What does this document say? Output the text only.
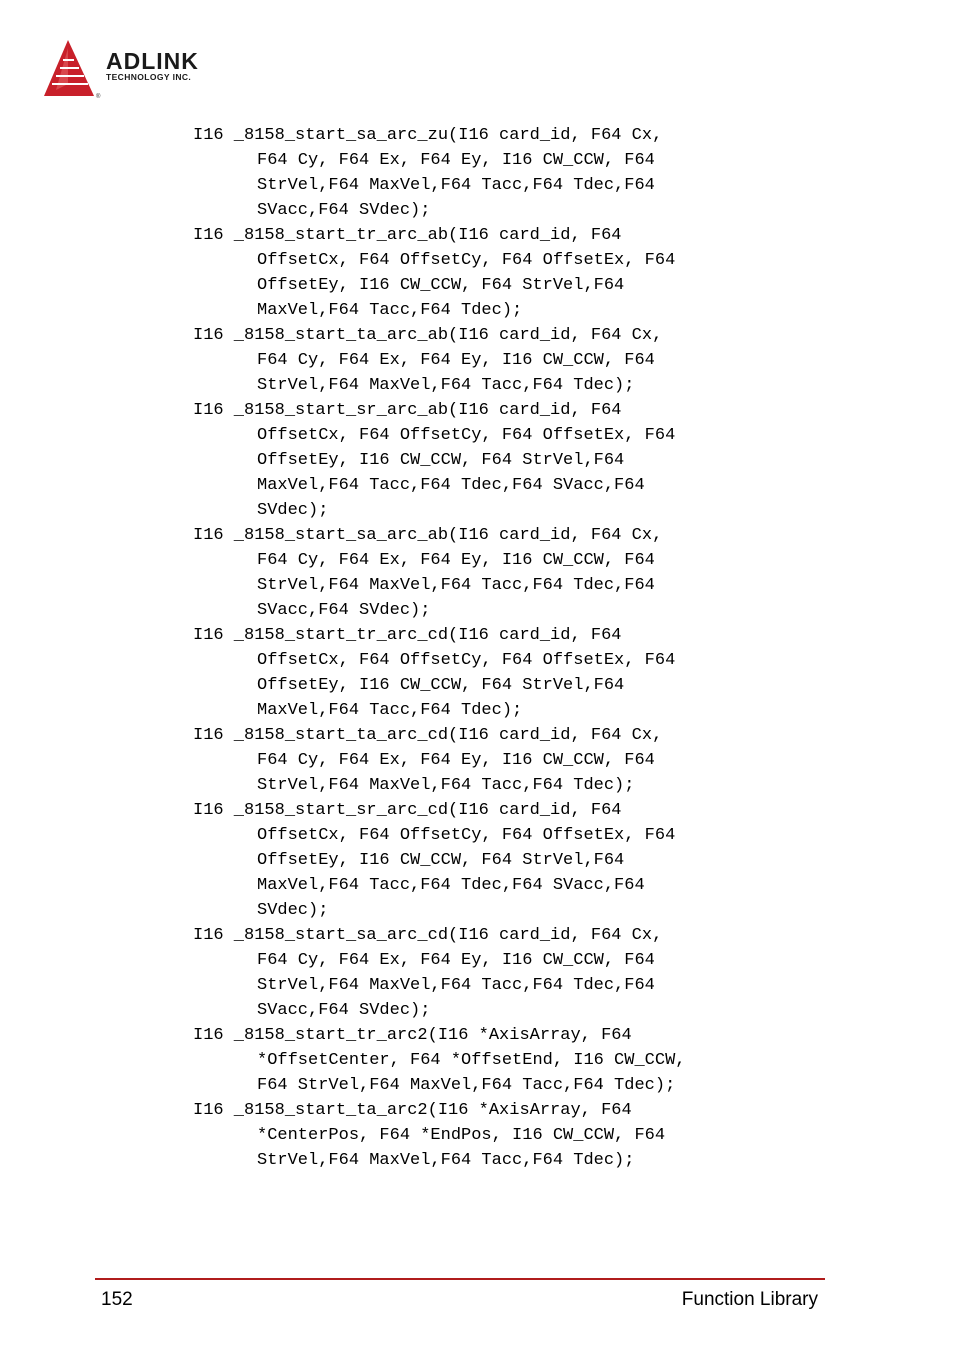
®
ADLINK
TECHNOLOGY INC.
I16 _8158_start_sa_arc_zu(I16 card_id, F64 Cx,
F64 Cy, F64 Ex, F64 Ey, I16 CW_CCW, F64
StrVel,F64 MaxVel,F64 Tacc,F64 Tdec,F64
SVacc,F64 SVdec);
I16 _8158_start_tr_arc_ab(I16 card_id, F64
OffsetCx, F64 OffsetCy, F64 OffsetEx, F64
OffsetEy, I16 CW_CCW, F64 StrVel,F64
MaxVel,F64 Tacc,F64 Tdec);
I16 _8158_start_ta_arc_ab(I16 card_id, F64 Cx,
F64 Cy, F64 Ex, F64 Ey, I16 CW_CCW, F64
StrVel,F64 MaxVel,F64 Tacc,F64 Tdec);
I16 _8158_start_sr_arc_ab(I16 card_id, F64
OffsetCx, F64 OffsetCy, F64 OffsetEx, F64
OffsetEy, I16 CW_CCW, F64 StrVel,F64
MaxVel,F64 Tacc,F64 Tdec,F64 SVacc,F64
SVdec);
I16 _8158_start_sa_arc_ab(I16 card_id, F64 Cx,
F64 Cy, F64 Ex, F64 Ey, I16 CW_CCW, F64
StrVel,F64 MaxVel,F64 Tacc,F64 Tdec,F64
SVacc,F64 SVdec);
I16 _8158_start_tr_arc_cd(I16 card_id, F64
OffsetCx, F64 OffsetCy, F64 OffsetEx, F64
OffsetEy, I16 CW_CCW, F64 StrVel,F64
MaxVel,F64 Tacc,F64 Tdec);
I16 _8158_start_ta_arc_cd(I16 card_id, F64 Cx,
F64 Cy, F64 Ex, F64 Ey, I16 CW_CCW, F64
StrVel,F64 MaxVel,F64 Tacc,F64 Tdec);
I16 _8158_start_sr_arc_cd(I16 card_id, F64
OffsetCx, F64 OffsetCy, F64 OffsetEx, F64
OffsetEy, I16 CW_CCW, F64 StrVel,F64
MaxVel,F64 Tacc,F64 Tdec,F64 SVacc,F64
SVdec);
I16 _8158_start_sa_arc_cd(I16 card_id, F64 Cx,
F64 Cy, F64 Ex, F64 Ey, I16 CW_CCW, F64
StrVel,F64 MaxVel,F64 Tacc,F64 Tdec,F64
SVacc,F64 SVdec);
I16 _8158_start_tr_arc2(I16 *AxisArray, F64
*OffsetCenter, F64 *OffsetEnd, I16 CW_CCW,
F64 StrVel,F64 MaxVel,F64 Tacc,F64 Tdec);
I16 _8158_start_ta_arc2(I16 *AxisArray, F64
*CenterPos, F64 *EndPos, I16 CW_CCW, F64
StrVel,F64 MaxVel,F64 Tacc,F64 Tdec);
152	Function Library
